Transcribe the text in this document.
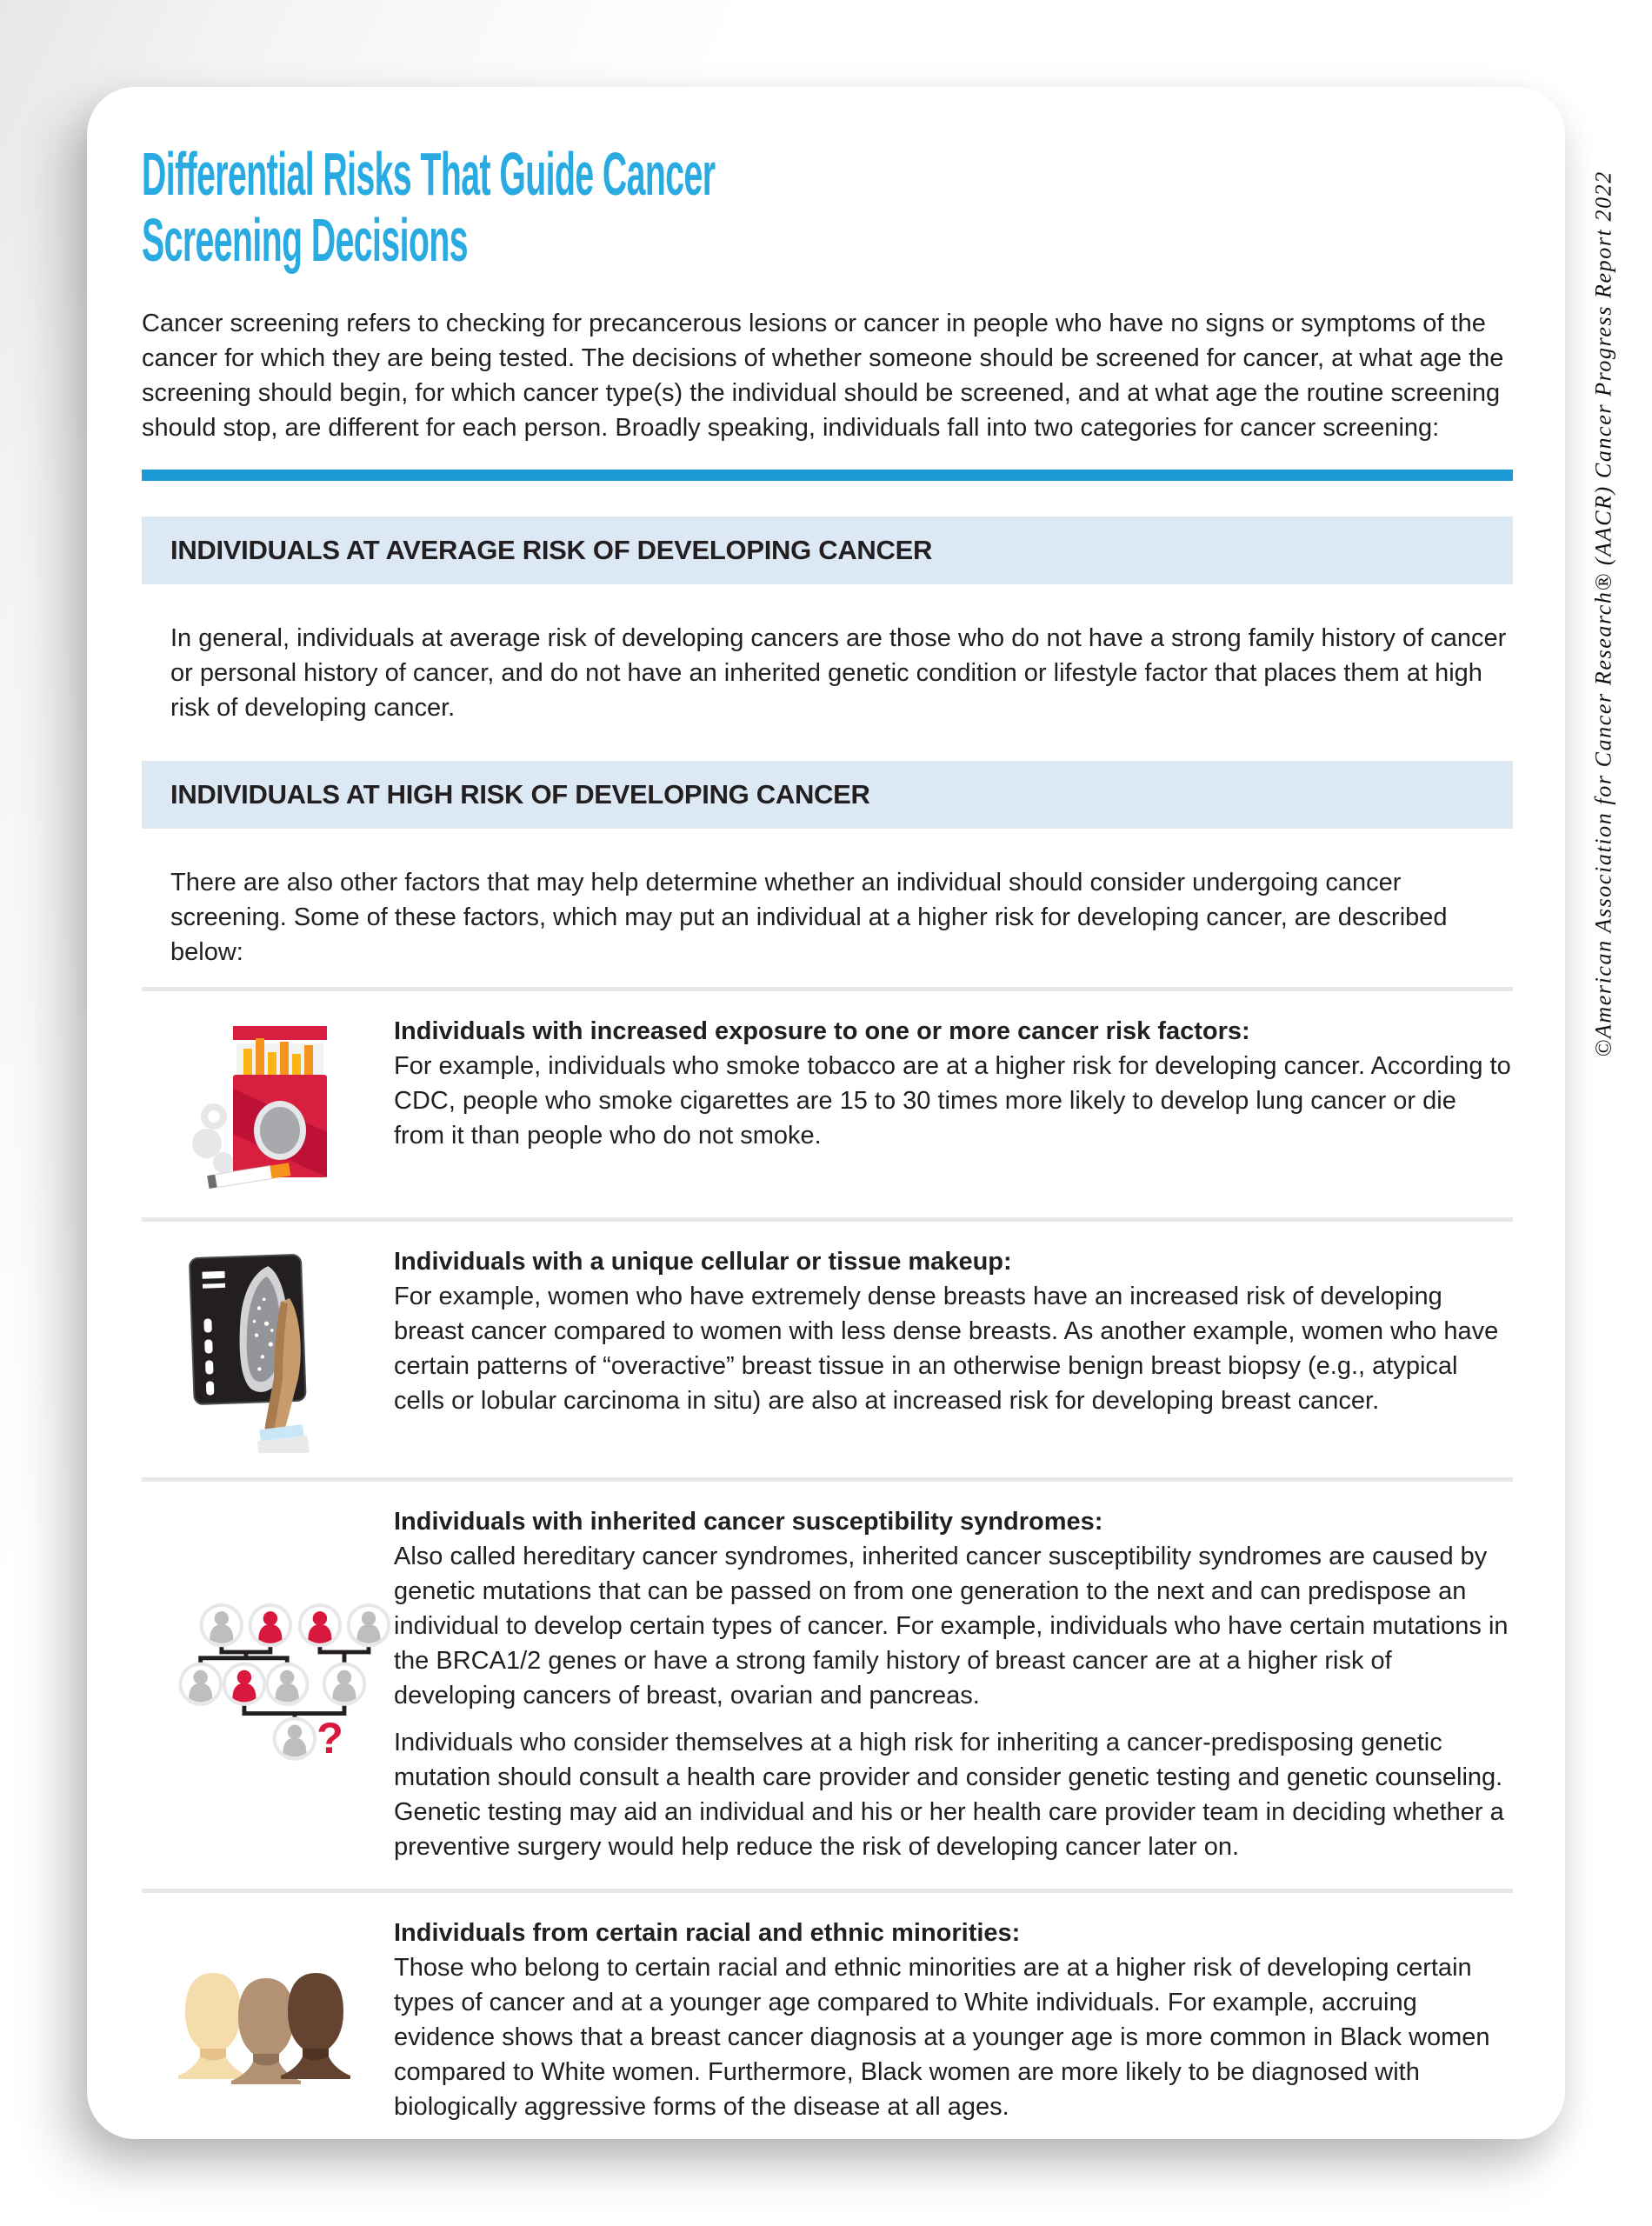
Differential Risks That Guide Cancer
Screening Decisions

Cancer screening refers to checking for precancerous lesions or cancer in people who have no signs or symptoms of the cancer for which they are being tested. The decisions of whether someone should be screened for cancer, at what age the screening should begin, for which cancer type(s) the individual should be screened, and at what age the routine screening should stop, are different for each person. Broadly speaking, individuals fall into two categories for cancer screening:

INDIVIDUALS AT AVERAGE RISK OF DEVELOPING CANCER

In general, individuals at average risk of developing cancers are those who do not have a strong family history of cancer or personal history of cancer, and do not have an inherited genetic condition or lifestyle factor that places them at high risk of developing cancer.

INDIVIDUALS AT HIGH RISK OF DEVELOPING CANCER

There are also other factors that may help determine whether an individual should consider undergoing cancer screening. Some of these factors, which may put an individual at a higher risk for developing cancer, are described below:

Individuals with increased exposure to one or more cancer risk factors:

For example, individuals who smoke tobacco are at a higher risk for developing cancer. According to CDC, people who smoke cigarettes are 15 to 30 times more likely to develop lung cancer or die from it than people who do not smoke.

Individuals with a unique cellular or tissue makeup:

For example, women who have extremely dense breasts have an increased risk of developing breast cancer compared to women with less dense breasts. As another example, women who have certain patterns of “overactive” breast tissue in an otherwise benign breast biopsy (e.g., atypical cells or lobular carcinoma in situ) are also at increased risk for developing breast cancer.

?

Individuals with inherited cancer susceptibility syndromes:

Also called hereditary cancer syndromes, inherited cancer susceptibility syndromes are caused by genetic mutations that can be passed on from one generation to the next and can predispose an individual to develop certain types of cancer. For example, individuals who have certain mutations in the BRCA1/2 genes or have a strong family history of breast cancer are at a higher risk of developing cancers of breast, ovarian and pancreas.

Individuals who consider themselves at a high risk for inheriting a cancer-predisposing genetic mutation should consult a health care provider and consider genetic testing and genetic counseling. Genetic testing may aid an individual and his or her health care provider team in deciding whether a preventive surgery would help reduce the risk of developing cancer later on.

Individuals from certain racial and ethnic minorities:

Those who belong to certain racial and ethnic minorities are at a higher risk of developing certain types of cancer and at a younger age compared to White individuals. For example, accruing evidence shows that a breast cancer diagnosis at a younger age is more common in Black women compared to White women. Furthermore, Black women are more likely to be diagnosed with biologically aggressive forms of the disease at all ages.

©American Association for Cancer Research® (AACR) Cancer Progress Report 2022
